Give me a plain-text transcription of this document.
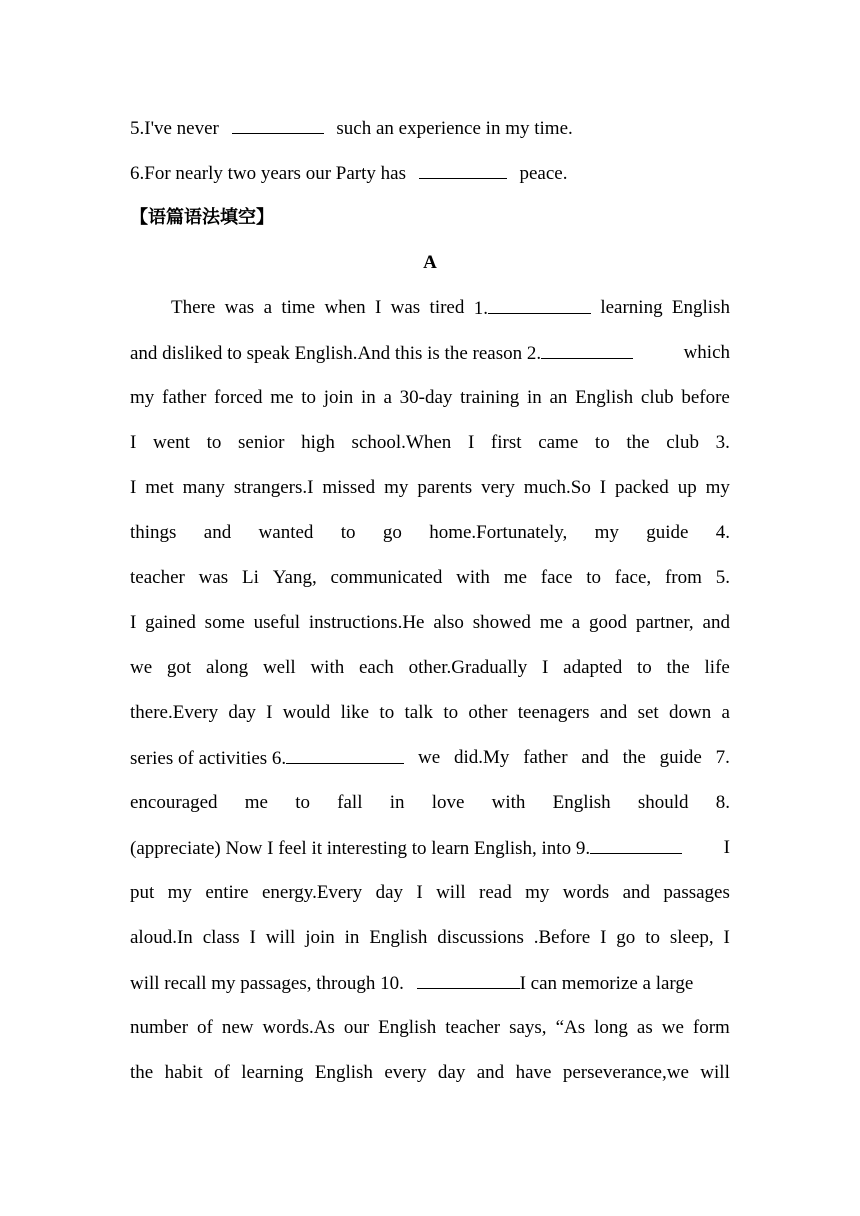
5.I've never	such an experience in my time.
6.For nearly two years our Party has	peace.
【语篇语法填空】
A
There was a time when I was tired 1.	learning English
and disliked to speak English.And this is the reason 2.	which
my father forced me to join in a 30-day training in an English club before
I went to senior high school.When I first came to the club 3.
I met many strangers.I missed my parents very much.So I packed up my
things and wanted to go home.Fortunately, my guide 4.
teacher was Li Yang, communicated with me face to face, from 5.
I gained some useful instructions.He also showed me a good partner, and
we got along well with each other.Gradually I adapted to the life
there.Every day I would like to talk to other teenagers and set down a
series of activities 6.	we did.My father and the guide 7.
encouraged me to fall in love with English should 8.
(appreciate) Now I feel it interesting to learn English, into 9.	I
put my entire energy.Every day I will read my words and passages
aloud.In class I will join in English discussions .Before I go to sleep, I
will recall my passages, through 10.	I can memorize a large
number of new words.As our English teacher says, “As long as we form
the habit of learning English every day and have perseverance,we will
